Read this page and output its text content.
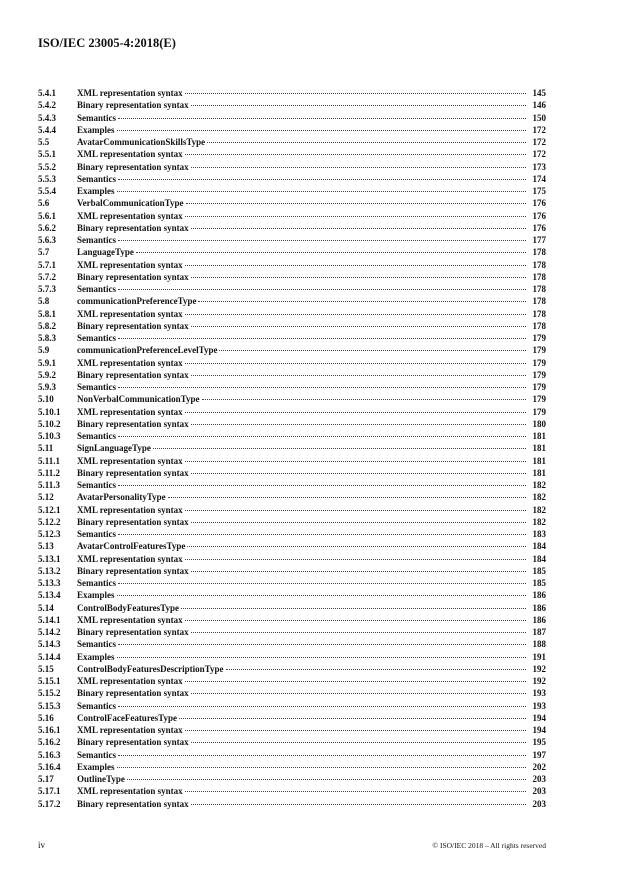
ISO/IEC 23005-4:2018(E)
5.4.1	XML representation syntax	145
5.4.2	Binary representation syntax	146
5.4.3	Semantics	150
5.4.4	Examples	172
5.5	AvatarCommunicationSkillsType	172
5.5.1	XML representation syntax	172
5.5.2	Binary representation syntax	173
5.5.3	Semantics	174
5.5.4	Examples	175
5.6	VerbalCommunicationType	176
5.6.1	XML representation syntax	176
5.6.2	Binary representation syntax	176
5.6.3	Semantics	177
5.7	LanguageType	178
5.7.1	XML representation syntax	178
5.7.2	Binary representation syntax	178
5.7.3	Semantics	178
5.8	communicationPreferenceType	178
5.8.1	XML representation syntax	178
5.8.2	Binary representation syntax	178
5.8.3	Semantics	179
5.9	communicationPreferenceLevelType	179
5.9.1	XML representation syntax	179
5.9.2	Binary representation syntax	179
5.9.3	Semantics	179
5.10	NonVerbalCommunicationType	179
5.10.1	XML representation syntax	179
5.10.2	Binary representation syntax	180
5.10.3	Semantics	181
5.11	SignLanguageType	181
5.11.1	XML representation syntax	181
5.11.2	Binary representation syntax	181
5.11.3	Semantics	182
5.12	AvatarPersonalityType	182
5.12.1	XML representation syntax	182
5.12.2	Binary representation syntax	182
5.12.3	Semantics	183
5.13	AvatarControlFeaturesType	184
5.13.1	XML representation syntax	184
5.13.2	Binary representation syntax	185
5.13.3	Semantics	185
5.13.4	Examples	186
5.14	ControlBodyFeaturesType	186
5.14.1	XML representation syntax	186
5.14.2	Binary representation syntax	187
5.14.3	Semantics	188
5.14.4	Examples	191
5.15	ControlBodyFeaturesDescriptionType	192
5.15.1	XML representation syntax	192
5.15.2	Binary representation syntax	193
5.15.3	Semantics	193
5.16	ControlFaceFeaturesType	194
5.16.1	XML representation syntax	194
5.16.2	Binary representation syntax	195
5.16.3	Semantics	197
5.16.4	Examples	202
5.17	OutlineType	203
5.17.1	XML representation syntax	203
5.17.2	Binary representation syntax	203
iv	© ISO/IEC 2018 – All rights reserved
